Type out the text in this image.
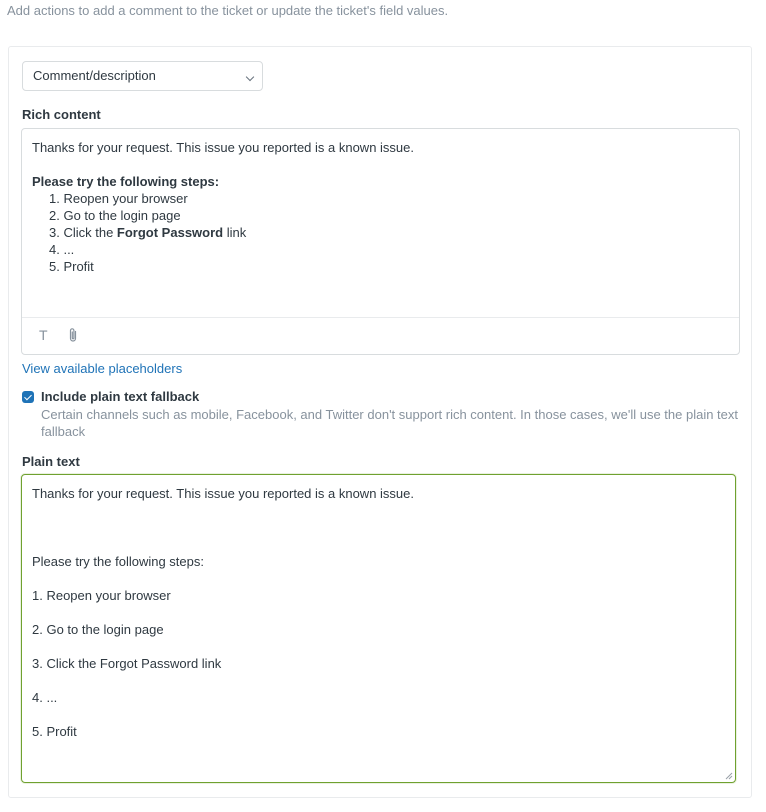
Add actions to add a comment to the ticket or update the ticket's field values.
Comment/description
Rich content
Thanks for your request. This issue you reported is a known issue.
Please try the following steps:
1. Reopen your browser
2. Go to the login page
3. Click the Forgot Password link
4. ...
5. Profit
T
View available placeholders
Include plain text fallback
Certain channels such as mobile, Facebook, and Twitter don't support rich content. In those cases, we'll use the plain text fallback
Plain text
Thanks for your request. This issue you reported is a known issue.
Please try the following steps:
1. Reopen your browser
2. Go to the login page
3. Click the Forgot Password link
4. ...
5. Profit
